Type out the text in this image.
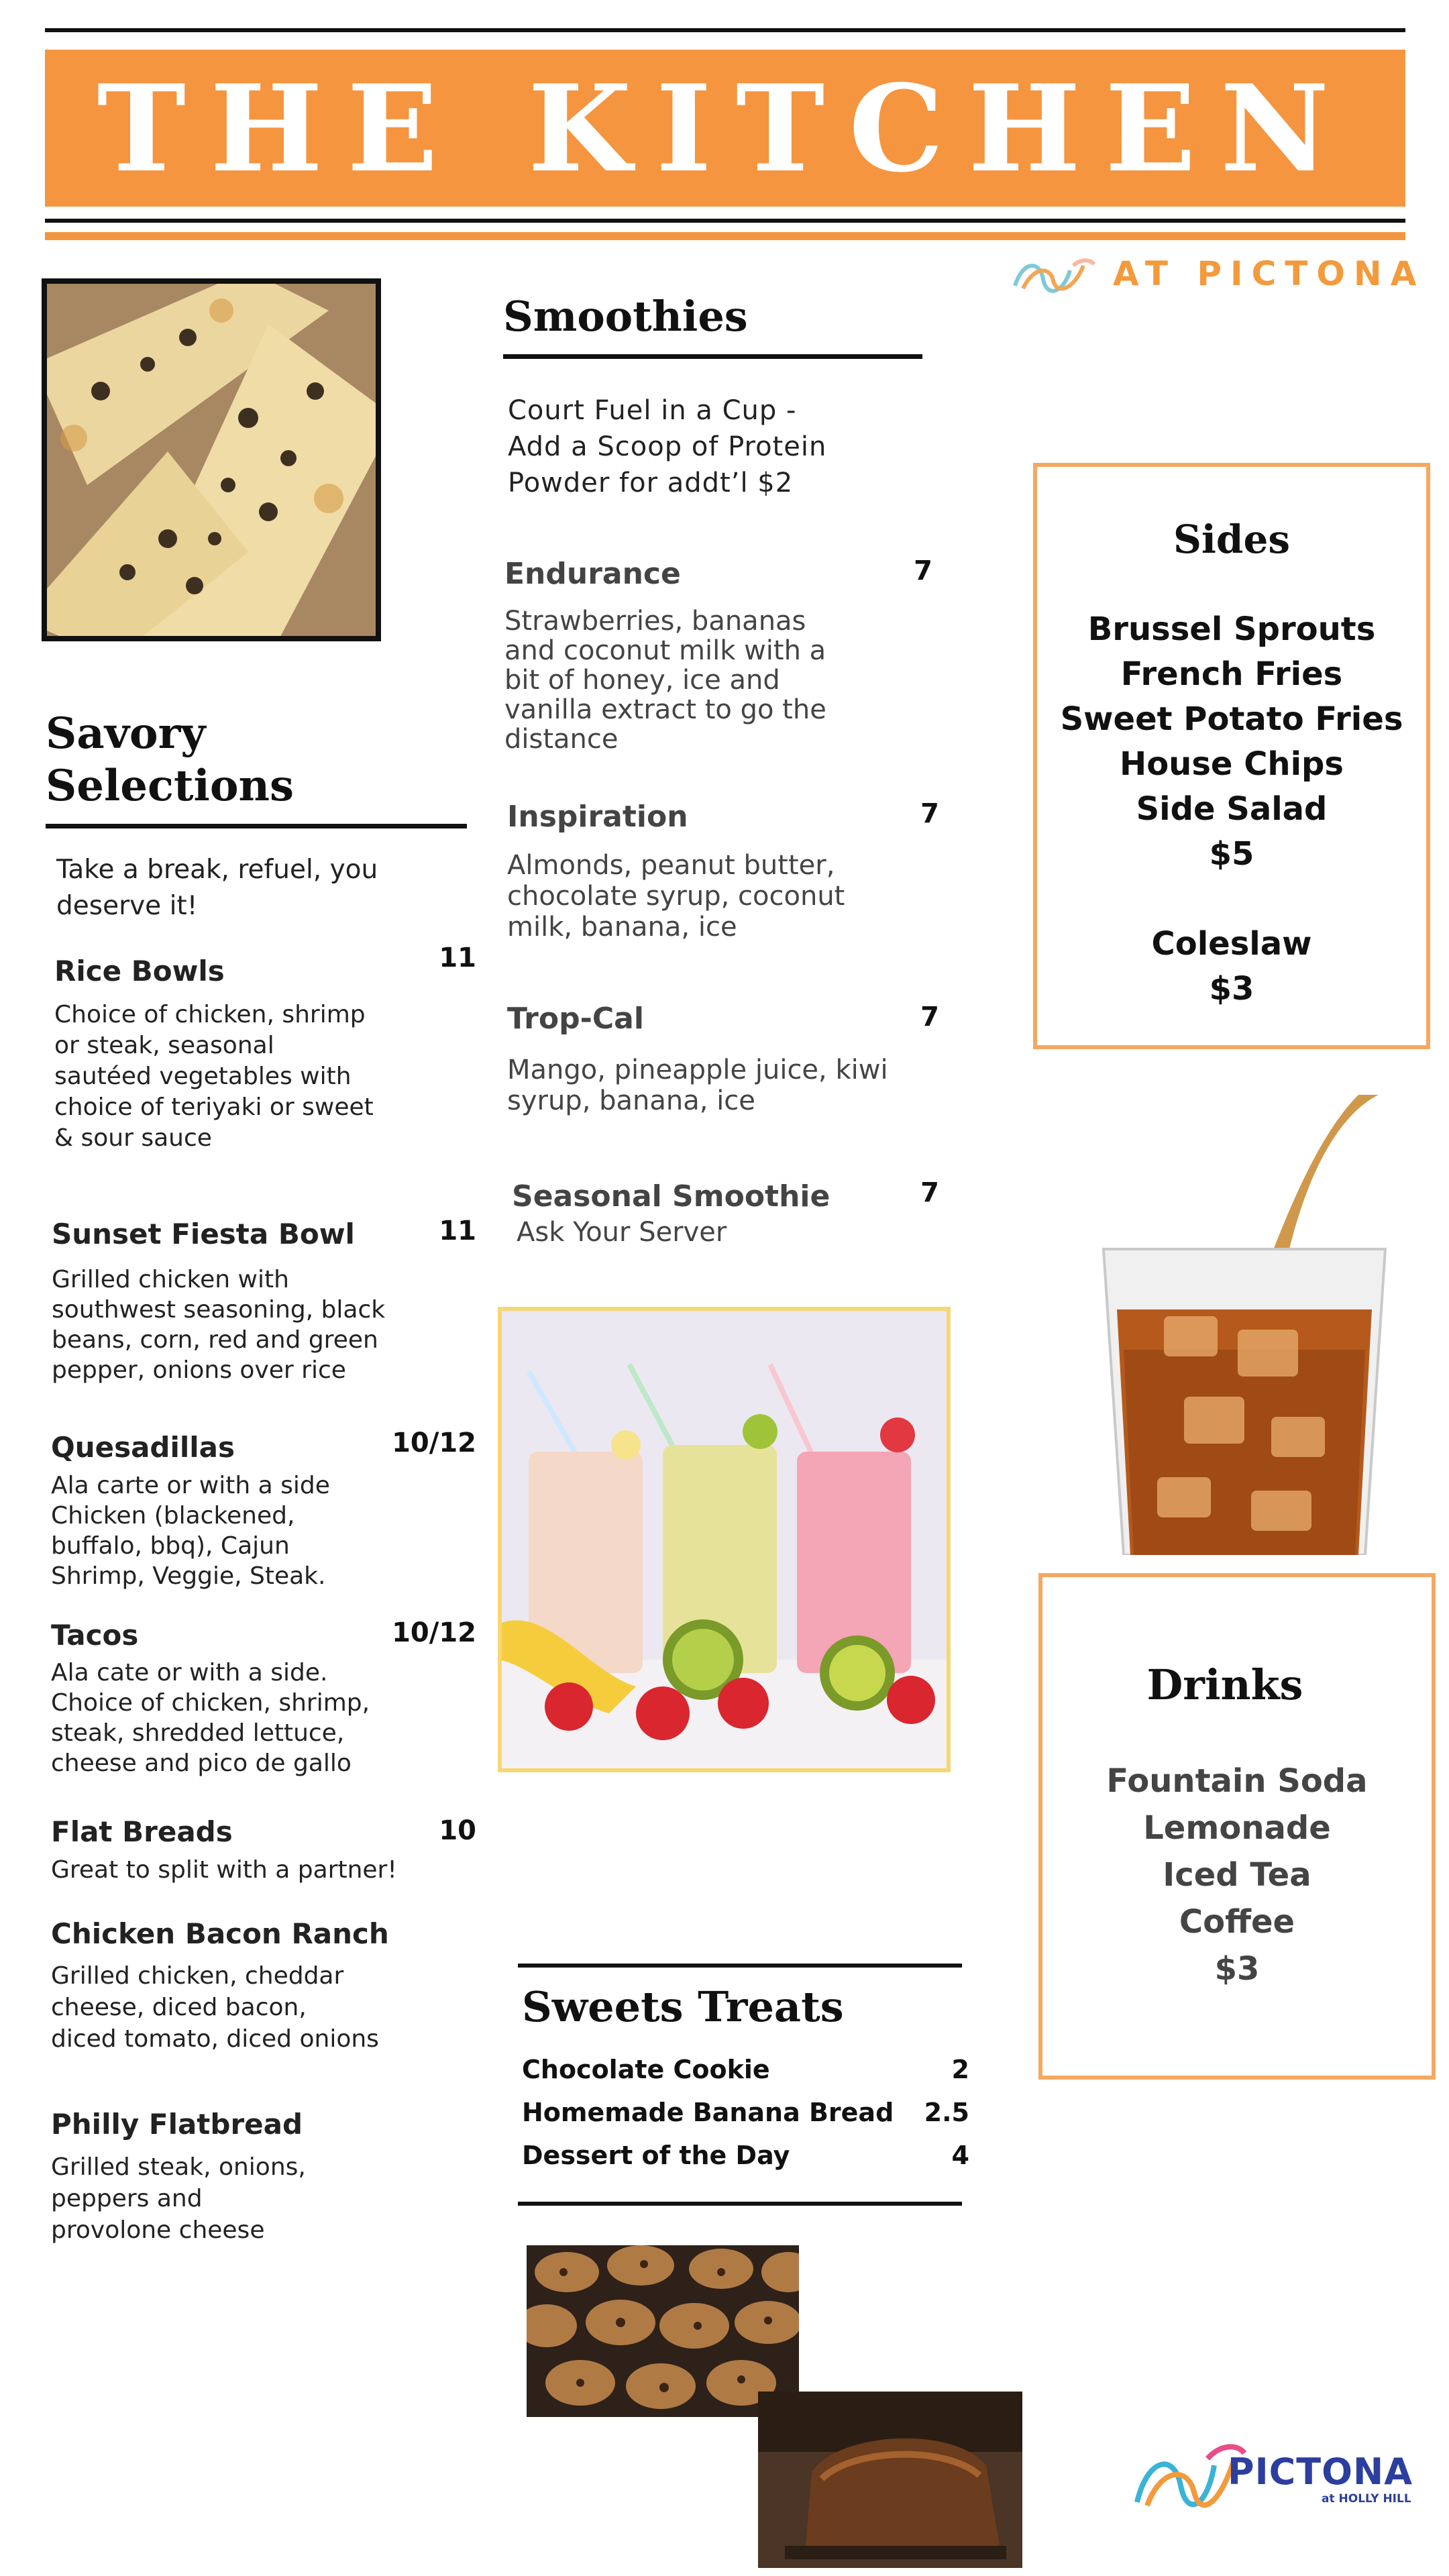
THE KITCHEN
AT PICTONA
Savory
Selections
Take a break, refuel, you deserve it!
Rice Bowls	11
Choice of chicken, shrimp
or steak, seasonal
sautéed vegetables with
choice of teriyaki or sweet
& sour sauce
Sunset Fiesta Bowl	11
Grilled chicken with
southwest seasoning, black
beans, corn, red and green
pepper, onions over rice
Quesadillas	10/12
Ala carte or with a side
Chicken (blackened,
buffalo, bbq), Cajun
Shrimp, Veggie, Steak.
Tacos	10/12
Ala cate or with a side.
Choice of chicken, shrimp,
steak, shredded lettuce,
cheese and pico de gallo
Flat Breads	10
Great to split with a partner!
Chicken Bacon Ranch
Grilled chicken, cheddar
cheese, diced bacon,
diced tomato, diced onions
Philly Flatbread
Grilled steak, onions,
peppers and
provolone cheese
Smoothies
Court Fuel in a Cup -
Add a Scoop of Protein
Powder for addt’l $2
Endurance	7
Strawberries, bananas
and coconut milk with a
bit of honey, ice and
vanilla extract to go the
distance
Inspiration	7
Almonds, peanut butter,
chocolate syrup, coconut
milk, banana, ice
Trop-Cal	7
Mango, pineapple juice, kiwi
syrup, banana, ice
Seasonal Smoothie	7
Ask Your Server
Sweets Treats
Chocolate Cookie	2
Homemade Banana Bread	2.5
Dessert of the Day	4
Sides
Brussel Sprouts
French Fries
Sweet Potato Fries
House Chips
Side Salad
$5
Coleslaw
$3
Drinks
Fountain Soda
Lemonade
Iced Tea
Coffee
$3
PICTONA
at HOLLY HILL
